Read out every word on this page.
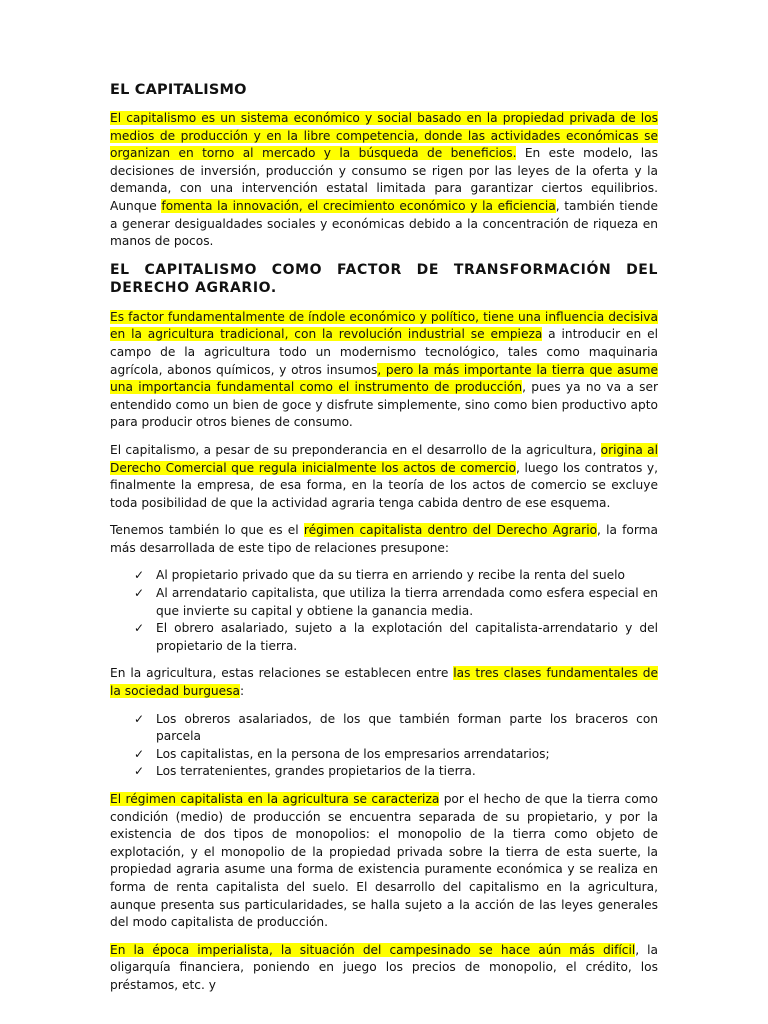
EL CAPITALISMO

El capitalismo es un sistema económico y social basado en la propiedad privada de los medios de producción y en la libre competencia, donde las actividades económicas se organizan en torno al mercado y la búsqueda de beneficios. En este modelo, las decisiones de inversión, producción y consumo se rigen por las leyes de la oferta y la demanda, con una intervención estatal limitada para garantizar ciertos equilibrios. Aunque fomenta la innovación, el crecimiento económico y la eficiencia, también tiende a generar desigualdades sociales y económicas debido a la concentración de riqueza en manos de pocos.

EL CAPITALISMO COMO FACTOR DE TRANSFORMACIÓN DEL DERECHO AGRARIO.

Es factor fundamentalmente de índole económico y político, tiene una influencia decisiva en la agricultura tradicional, con la revolución industrial se empieza a introducir en el campo de la agricultura todo un modernismo tecnológico, tales como maquinaria agrícola, abonos químicos, y otros insumos, pero la más importante la tierra que asume una importancia fundamental como el instrumento de producción, pues ya no va a ser entendido como un bien de goce y disfrute simplemente, sino como bien productivo apto para producir otros bienes de consumo.

El capitalismo, a pesar de su preponderancia en el desarrollo de la agricultura, origina al Derecho Comercial que regula inicialmente los actos de comercio, luego los contratos y, finalmente la empresa, de esa forma, en la teoría de los actos de comercio se excluye toda posibilidad de que la actividad agraria tenga cabida dentro de ese esquema.

Tenemos también lo que es el régimen capitalista dentro del Derecho Agrario, la forma más desarrollada de este tipo de relaciones presupone:

✓ Al propietario privado que da su tierra en arriendo y recibe la renta del suelo
✓ Al arrendatario capitalista, que utiliza la tierra arrendada como esfera especial en que invierte su capital y obtiene la ganancia media.
✓ El obrero asalariado, sujeto a la explotación del capitalista-arrendatario y del propietario de la tierra.

En la agricultura, estas relaciones se establecen entre las tres clases fundamentales de la sociedad burguesa:

✓ Los obreros asalariados, de los que también forman parte los braceros con parcela
✓ Los capitalistas, en la persona de los empresarios arrendatarios;
✓ Los terratenientes, grandes propietarios de la tierra.

El régimen capitalista en la agricultura se caracteriza por el hecho de que la tierra como condición (medio) de producción se encuentra separada de su propietario, y por la existencia de dos tipos de monopolios: el monopolio de la tierra como objeto de explotación, y el monopolio de la propiedad privada sobre la tierra de esta suerte, la propiedad agraria asume una forma de existencia puramente económica y se realiza en forma de renta capitalista del suelo. El desarrollo del capitalismo en la agricultura, aunque presenta sus particularidades, se halla sujeto a la acción de las leyes generales del modo capitalista de producción.

En la época imperialista, la situación del campesinado se hace aún más difícil, la oligarquía financiera, poniendo en juego los precios de monopolio, el crédito, los préstamos, etc. y
